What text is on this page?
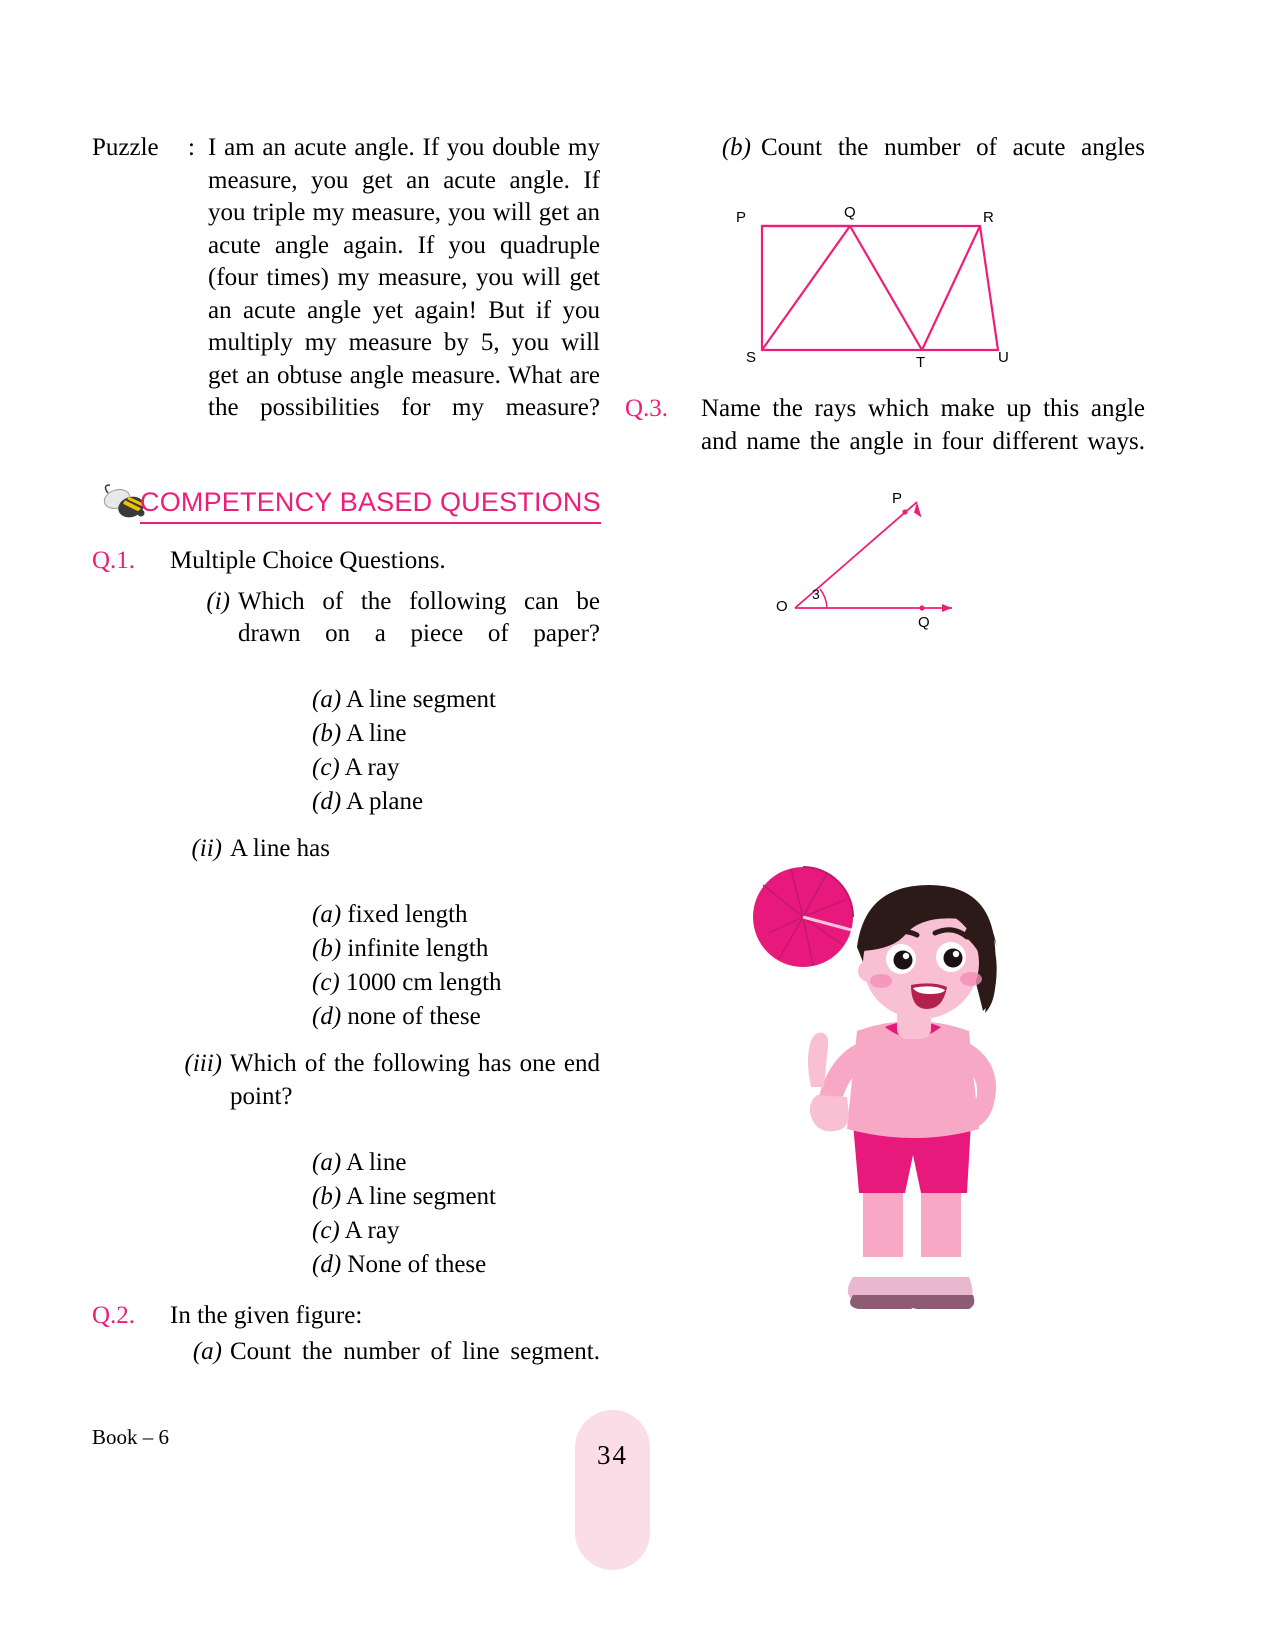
Puzzle	: I am an acute angle. If you double my measure, you get an acute angle. If you triple my measure, you will get an acute angle again. If you quadruple (four times) my measure, you will get an acute angle yet again! But if you multiply my measure by 5, you will get an obtuse angle measure. What are the possibilities for my measure?
COMPETENCY BASED QUESTIONS
Q.1.	Multiple Choice Questions.
(i) Which of the following can be drawn on a piece of paper?
(a) A line segment
(b) A line
(c) A ray
(d) A plane
(ii) A line has
(a) fixed length
(b) infinite length
(c) 1000 cm length
(d) none of these
(iii) Which of the following has one end point?
(a) A line
(b) A line segment
(c) A ray
(d) None of these
Q.2.	In the given figure:
(a) Count the number of line segment.
(b) Count the number of acute angles
Q.3.	Name the rays which make up this angle and name the angle in four different ways.
P	Q	R
S	T	U
P
O
Q
3
Book – 6
34
